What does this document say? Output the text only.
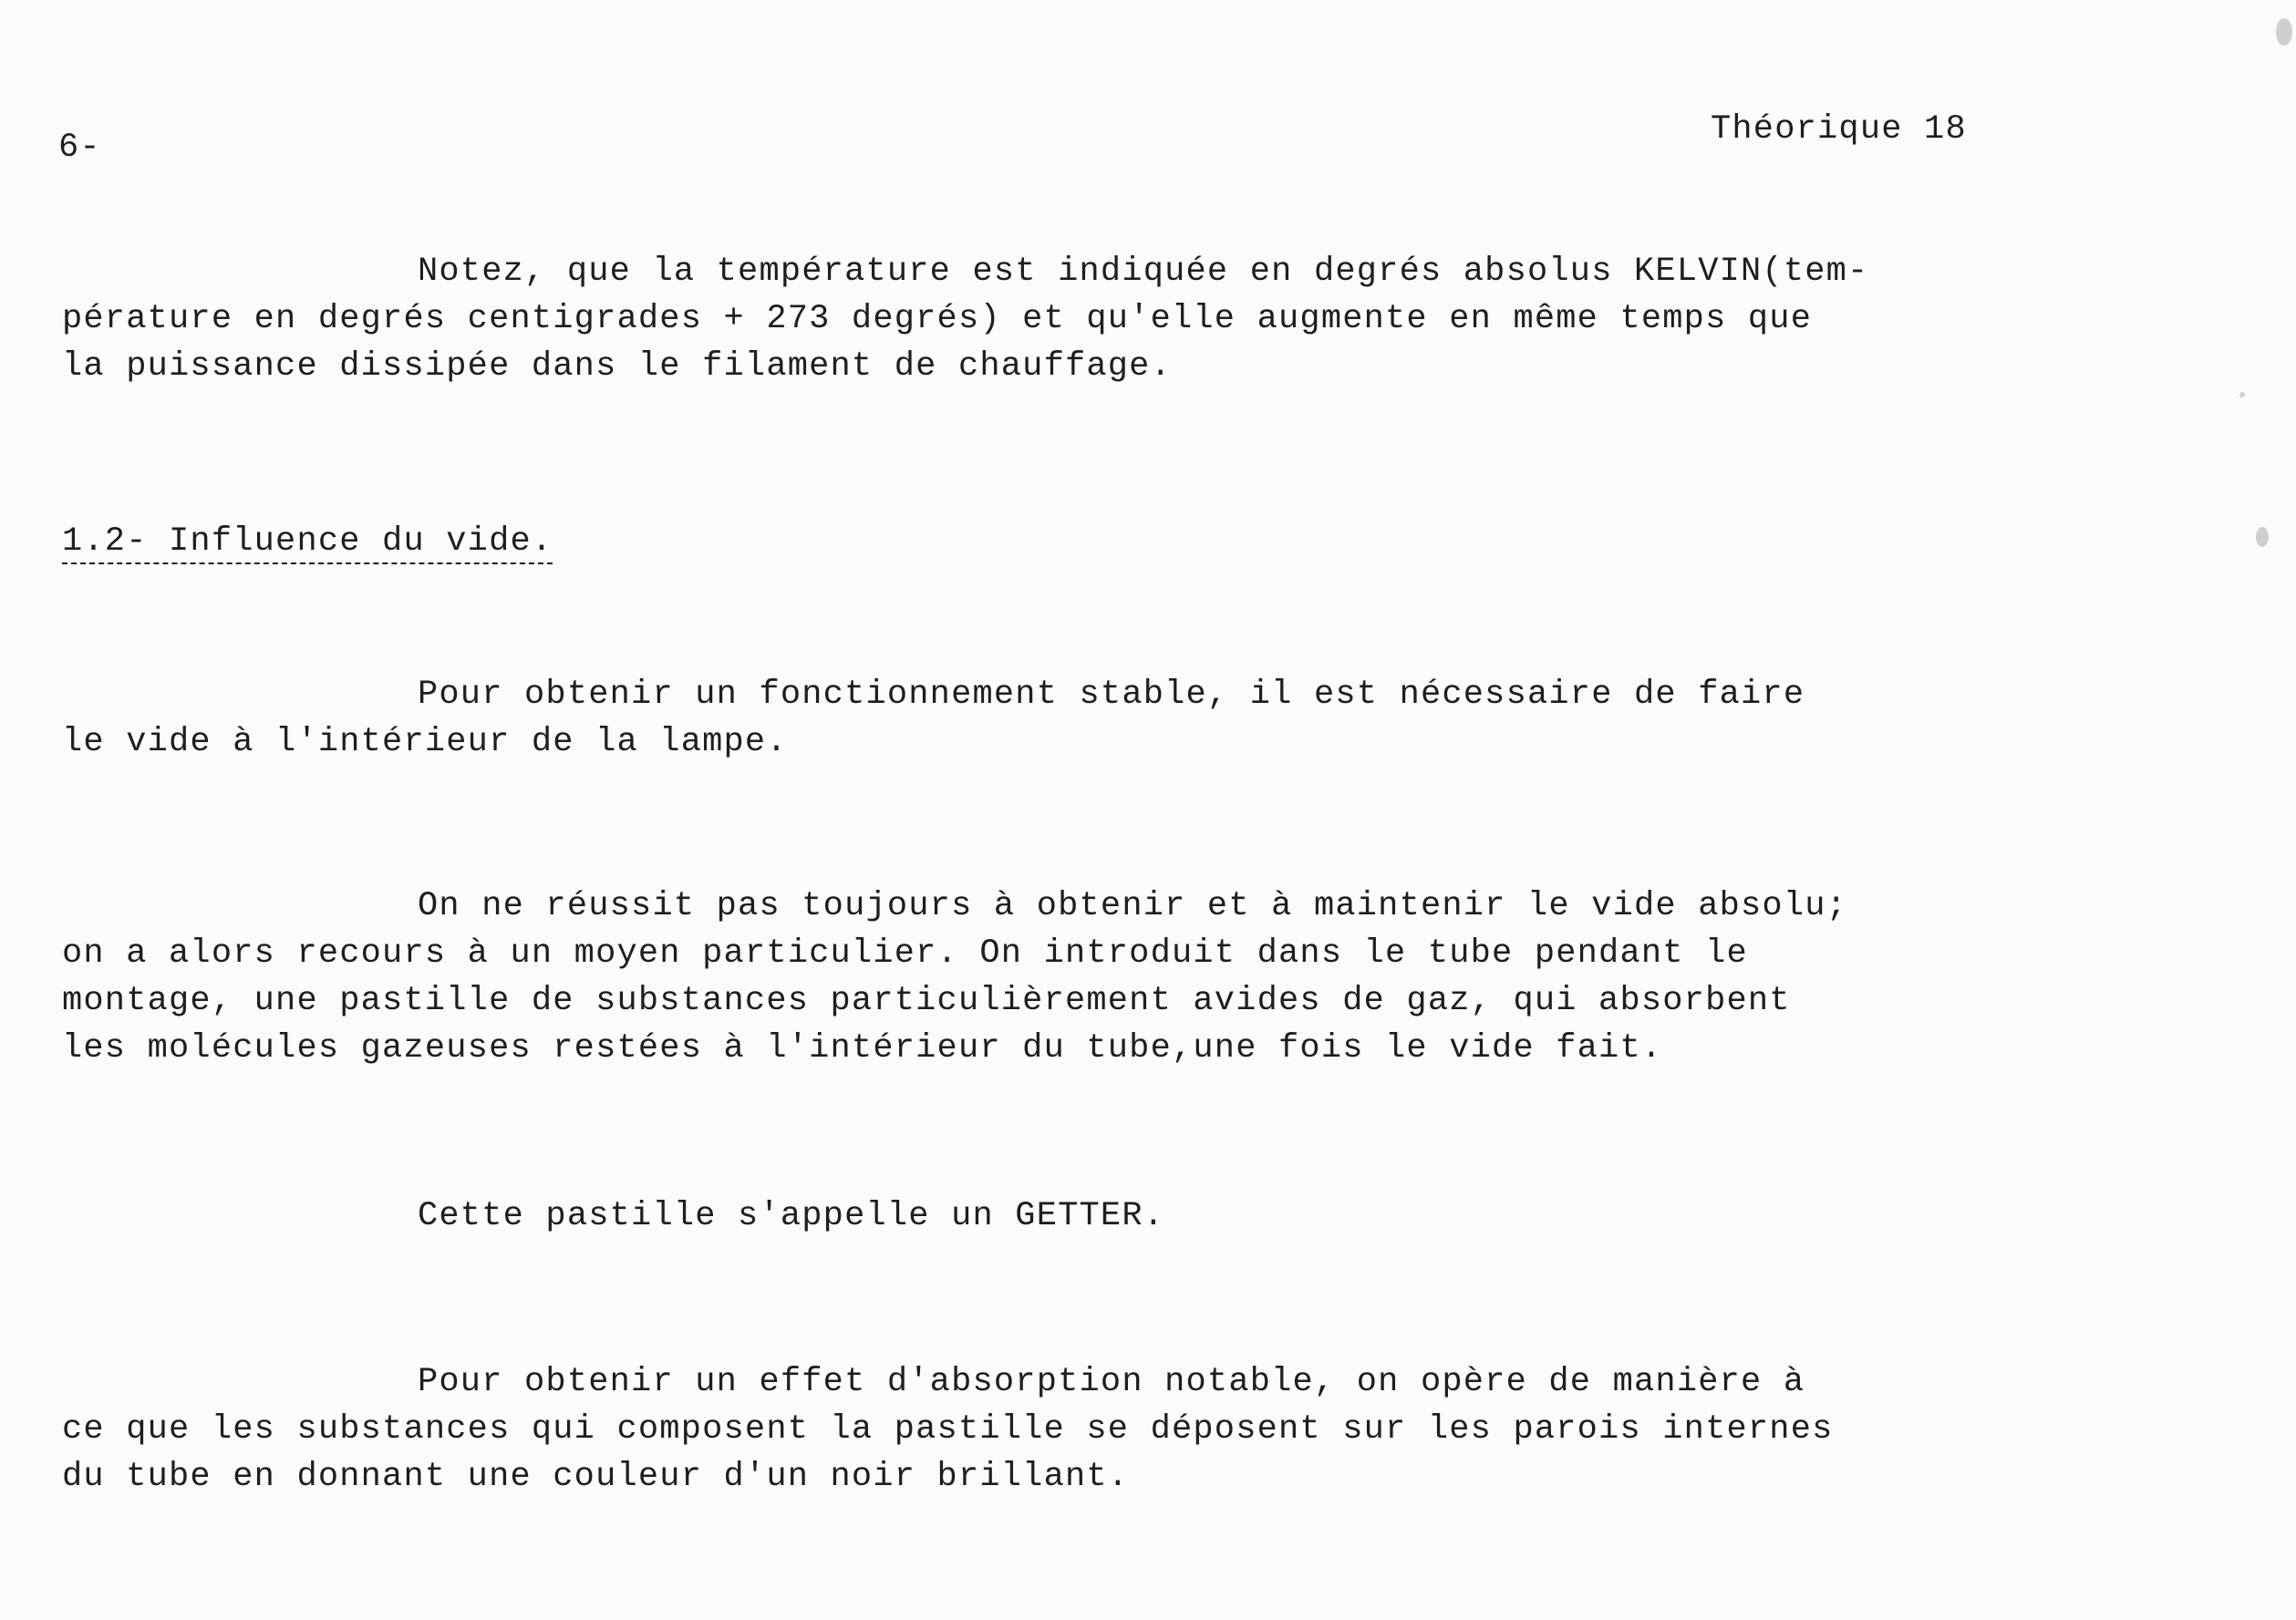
6-	Théorique 18
Notez, que la température est indiquée en degrés absolus KELVIN(tem-
pérature en degrés centigrades + 273 degrés) et qu'elle augmente en même temps que
la puissance dissipée dans le filament de chauffage.
1.2- Influence du vide.
Pour obtenir un fonctionnement stable, il est nécessaire de faire
le vide à l'intérieur de la lampe.
On ne réussit pas toujours à obtenir et à maintenir le vide absolu;
on a alors recours à un moyen particulier. On introduit dans le tube pendant le
montage, une pastille de substances particulièrement avides de gaz, qui absorbent
les molécules gazeuses restées à l'intérieur du tube,une fois le vide fait.
Cette pastille s'appelle un GETTER.
Pour obtenir un effet d'absorption notable, on opère de manière à
ce que les substances qui composent la pastille se déposent sur les parois internes
du tube en donnant une couleur d'un noir brillant.
